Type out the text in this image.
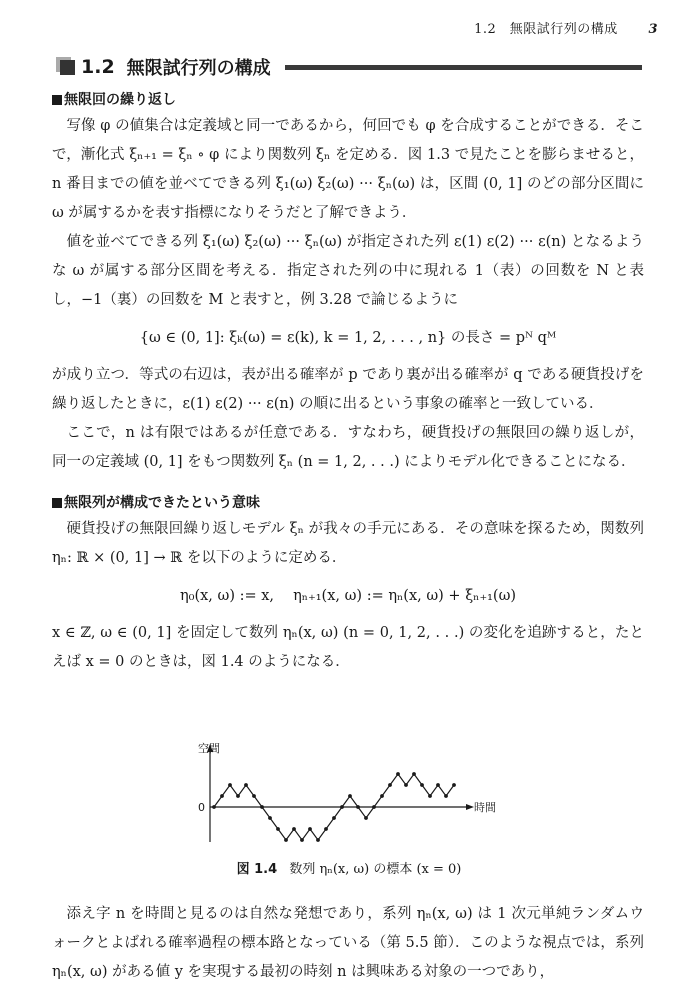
1.2　無限試行列の構成 3
1.2 無限試行列の構成
無限回の繰り返し

写像 φ の値集合は定義域と同一であるから，何回でも φ を合成することができる．そこで，漸化式 ξₙ₊₁ = ξₙ ∘ φ により関数列 ξₙ を定める．図 1.3 で見たことを膨らませると，n 番目までの値を並べてできる列 ξ₁(ω) ξ₂(ω) ··· ξₙ(ω) は，区間 (0, 1] のどの部分区間に ω が属するかを表す指標になりそうだと了解できよう．

値を並べてできる列 ξ₁(ω) ξ₂(ω) ··· ξₙ(ω) が指定された列 ε(1) ε(2) ··· ε(n) となるような ω が属する部分区間を考える．指定された列の中に現れる 1（表）の回数を N と表し，−1（裏）の回数を M と表すと，例 3.28 で論じるように

{ω ∈ (0, 1]: ξₖ(ω) = ε(k), k = 1, 2, . . . , n} の長さ = pᴺ qᴹ

が成り立つ．等式の右辺は，表が出る確率が p であり裏が出る確率が q である硬貨投げを繰り返したときに，ε(1) ε(2) ··· ε(n) の順に出るという事象の確率と一致している．

ここで，n は有限ではあるが任意である．すなわち，硬貨投げの無限回の繰り返しが，同一の定義域 (0, 1] をもつ関数列 ξₙ (n = 1, 2, . . .) によりモデル化できることになる．

無限列が構成できたという意味

硬貨投げの無限回繰り返しモデル ξₙ が我々の手元にある．その意味を探るため，関数列 ηₙ: ℝ × (0, 1] → ℝ を以下のように定める．

η₀(x, ω) := x,　 ηₙ₊₁(x, ω) := ηₙ(x, ω) + ξₙ₊₁(ω)

x ∈ ℤ, ω ∈ (0, 1] を固定して数列 ηₙ(x, ω) (n = 0, 1, 2, . . .) の変化を追跡すると，たとえば x = 0 のときは，図 1.4 のようになる．

空間
時間
0
図 1.4 数列 ηₙ(x, ω) の標本 (x = 0)

添え字 n を時間と見るのは自然な発想であり，系列 ηₙ(x, ω) は 1 次元単純ランダムウォークとよばれる確率過程の標本路となっている（第 5.5 節）．このような視点では，系列 ηₙ(x, ω) がある値 y を実現する最初の時刻 n は興味ある対象の一つであり，
